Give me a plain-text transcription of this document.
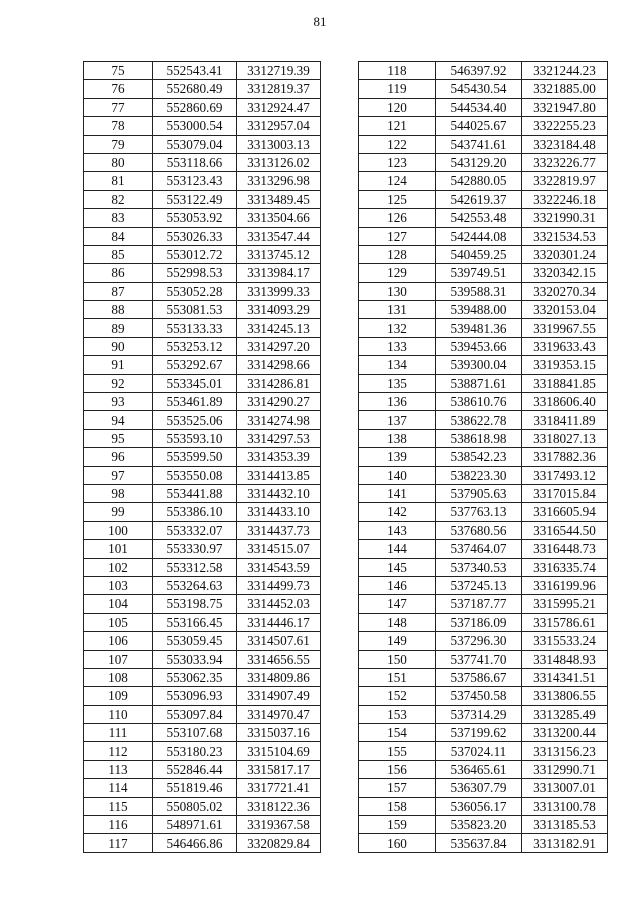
81
75	552543.41	3312719.39
76	552680.49	3312819.37
77	552860.69	3312924.47
78	553000.54	3312957.04
79	553079.04	3313003.13
80	553118.66	3313126.02
81	553123.43	3313296.98
82	553122.49	3313489.45
83	553053.92	3313504.66
84	553026.33	3313547.44
85	553012.72	3313745.12
86	552998.53	3313984.17
87	553052.28	3313999.33
88	553081.53	3314093.29
89	553133.33	3314245.13
90	553253.12	3314297.20
91	553292.67	3314298.66
92	553345.01	3314286.81
93	553461.89	3314290.27
94	553525.06	3314274.98
95	553593.10	3314297.53
96	553599.50	3314353.39
97	553550.08	3314413.85
98	553441.88	3314432.10
99	553386.10	3314433.10
100	553332.07	3314437.73
101	553330.97	3314515.07
102	553312.58	3314543.59
103	553264.63	3314499.73
104	553198.75	3314452.03
105	553166.45	3314446.17
106	553059.45	3314507.61
107	553033.94	3314656.55
108	553062.35	3314809.86
109	553096.93	3314907.49
110	553097.84	3314970.47
111	553107.68	3315037.16
112	553180.23	3315104.69
113	552846.44	3315817.17
114	551819.46	3317721.41
115	550805.02	3318122.36
116	548971.61	3319367.58
117	546466.86	3320829.84
118	546397.92	3321244.23
119	545430.54	3321885.00
120	544534.40	3321947.80
121	544025.67	3322255.23
122	543741.61	3323184.48
123	543129.20	3323226.77
124	542880.05	3322819.97
125	542619.37	3322246.18
126	542553.48	3321990.31
127	542444.08	3321534.53
128	540459.25	3320301.24
129	539749.51	3320342.15
130	539588.31	3320270.34
131	539488.00	3320153.04
132	539481.36	3319967.55
133	539453.66	3319633.43
134	539300.04	3319353.15
135	538871.61	3318841.85
136	538610.76	3318606.40
137	538622.78	3318411.89
138	538618.98	3318027.13
139	538542.23	3317882.36
140	538223.30	3317493.12
141	537905.63	3317015.84
142	537763.13	3316605.94
143	537680.56	3316544.50
144	537464.07	3316448.73
145	537340.53	3316335.74
146	537245.13	3316199.96
147	537187.77	3315995.21
148	537186.09	3315786.61
149	537296.30	3315533.24
150	537741.70	3314848.93
151	537586.67	3314341.51
152	537450.58	3313806.55
153	537314.29	3313285.49
154	537199.62	3313200.44
155	537024.11	3313156.23
156	536465.61	3312990.71
157	536307.79	3313007.01
158	536056.17	3313100.78
159	535823.20	3313185.53
160	535637.84	3313182.91
